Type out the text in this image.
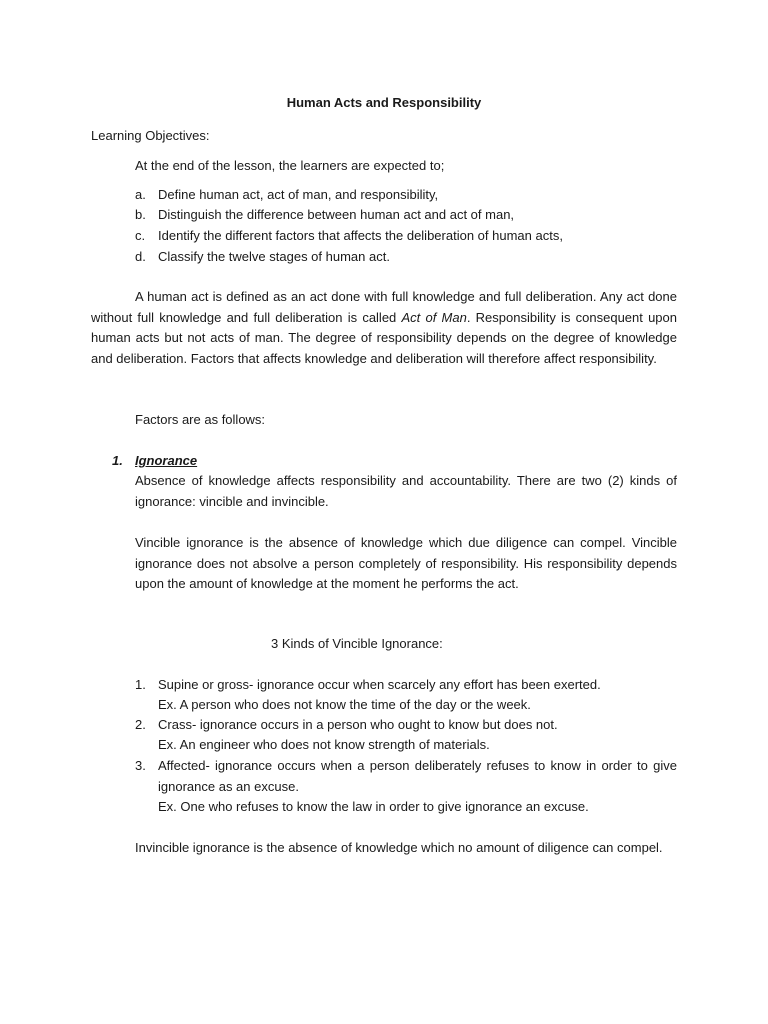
Human Acts and Responsibility
Learning Objectives:
At the end of the lesson, the learners are expected to;
a. Define human act, act of man, and responsibility,
b. Distinguish the difference between human act and act of man,
c. Identify the different factors that affects the deliberation of human acts,
d. Classify the twelve stages of human act.
A human act is defined as an act done with full knowledge and full deliberation. Any act done without full knowledge and full deliberation is called Act of Man. Responsibility is consequent upon human acts but not acts of man. The degree of responsibility depends on the degree of knowledge and deliberation. Factors that affects knowledge and deliberation will therefore affect responsibility.
Factors are as follows:
1. Ignorance
Absence of knowledge affects responsibility and accountability. There are two (2) kinds of ignorance: vincible and invincible.
Vincible ignorance is the absence of knowledge which due diligence can compel. Vincible ignorance does not absolve a person completely of responsibility. His responsibility depends upon the amount of knowledge at the moment he performs the act.
3 Kinds of Vincible Ignorance:
1. Supine or gross- ignorance occur when scarcely any effort has been exerted.
Ex. A person who does not know the time of the day or the week.
2. Crass- ignorance occurs in a person who ought to know but does not.
Ex. An engineer who does not know strength of materials.
3. Affected- ignorance occurs when a person deliberately refuses to know in order to give ignorance as an excuse.
Ex. One who refuses to know the law in order to give ignorance an excuse.
Invincible ignorance is the absence of knowledge which no amount of diligence can compel.
